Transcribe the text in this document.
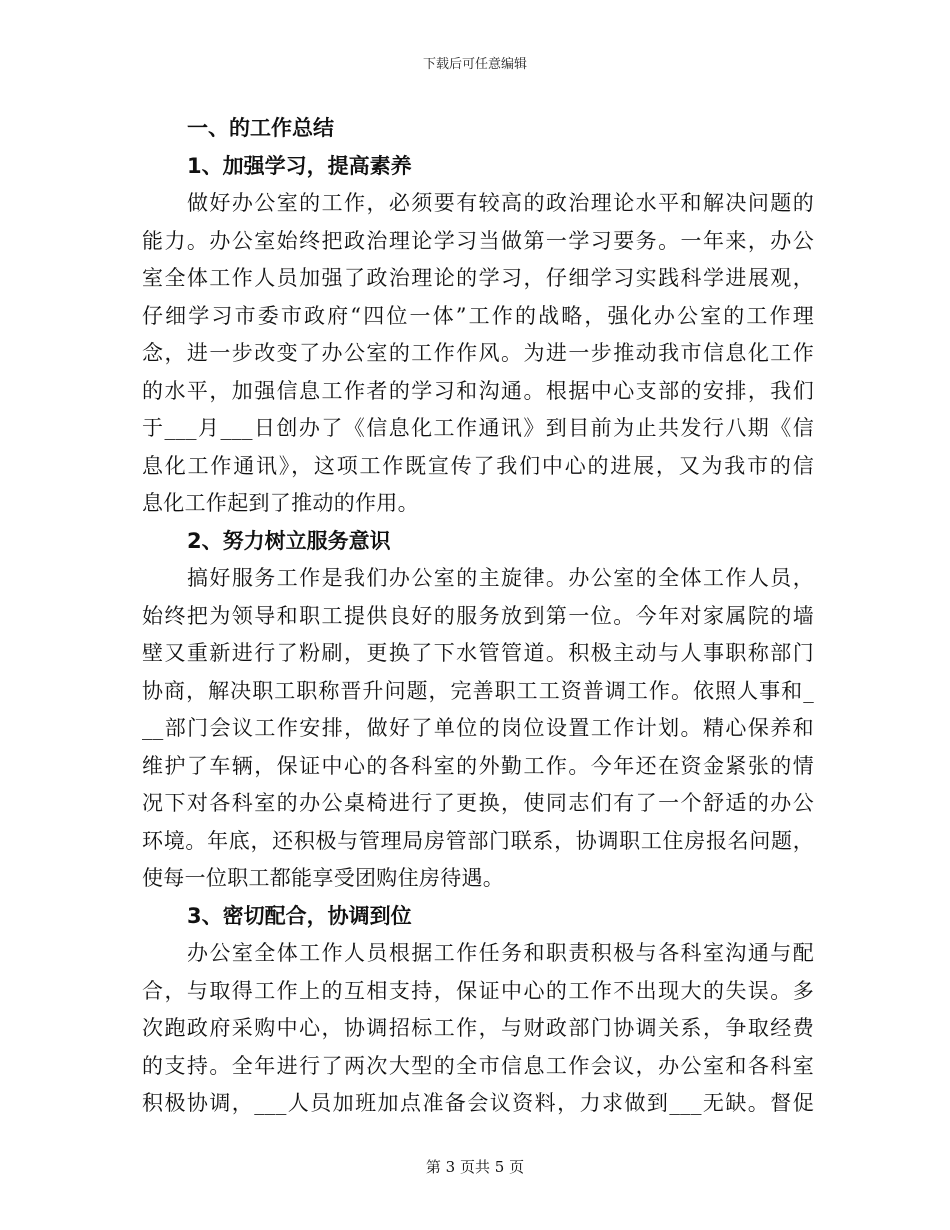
下载后可任意编辑
一、的工作总结
1、加强学习，提高素养
做好办公室的工作，必须要有较高的政治理论水平和解决问题的
能力。办公室始终把政治理论学习当做第一学习要务。一年来，办公
室全体工作人员加强了政治理论的学习，仔细学习实践科学进展观，
仔细学习市委市政府“四位一体”工作的战略，强化办公室的工作理
念，进一步改变了办公室的工作作风。为进一步推动我市信息化工作
的水平，加强信息工作者的学习和沟通。根据中心支部的安排，我们
于___月___日创办了《信息化工作通讯》到目前为止共发行八期《信
息化工作通讯》，这项工作既宣传了我们中心的进展，又为我市的信
息化工作起到了推动的作用。
2、努力树立服务意识
搞好服务工作是我们办公室的主旋律。办公室的全体工作人员，
始终把为领导和职工提供良好的服务放到第一位。今年对家属院的墙
壁又重新进行了粉刷，更换了下水管管道。积极主动与人事职称部门
协商，解决职工职称晋升问题，完善职工工资普调工作。依照人事和_
__部门会议工作安排，做好了单位的岗位设置工作计划。精心保养和
维护了车辆，保证中心的各科室的外勤工作。今年还在资金紧张的情
况下对各科室的办公桌椅进行了更换，使同志们有了一个舒适的办公
环境。年底，还积极与管理局房管部门联系，协调职工住房报名问题，
使每一位职工都能享受团购住房待遇。
3、密切配合，协调到位
办公室全体工作人员根据工作任务和职责积极与各科室沟通与配
合，与取得工作上的互相支持，保证中心的工作不出现大的失误。多
次跑政府采购中心，协调招标工作，与财政部门协调关系，争取经费
的支持。全年进行了两次大型的全市信息工作会议，办公室和各科室
积极协调，___人员加班加点准备会议资料，力求做到___无缺。督促
第 3 页共 5 页
